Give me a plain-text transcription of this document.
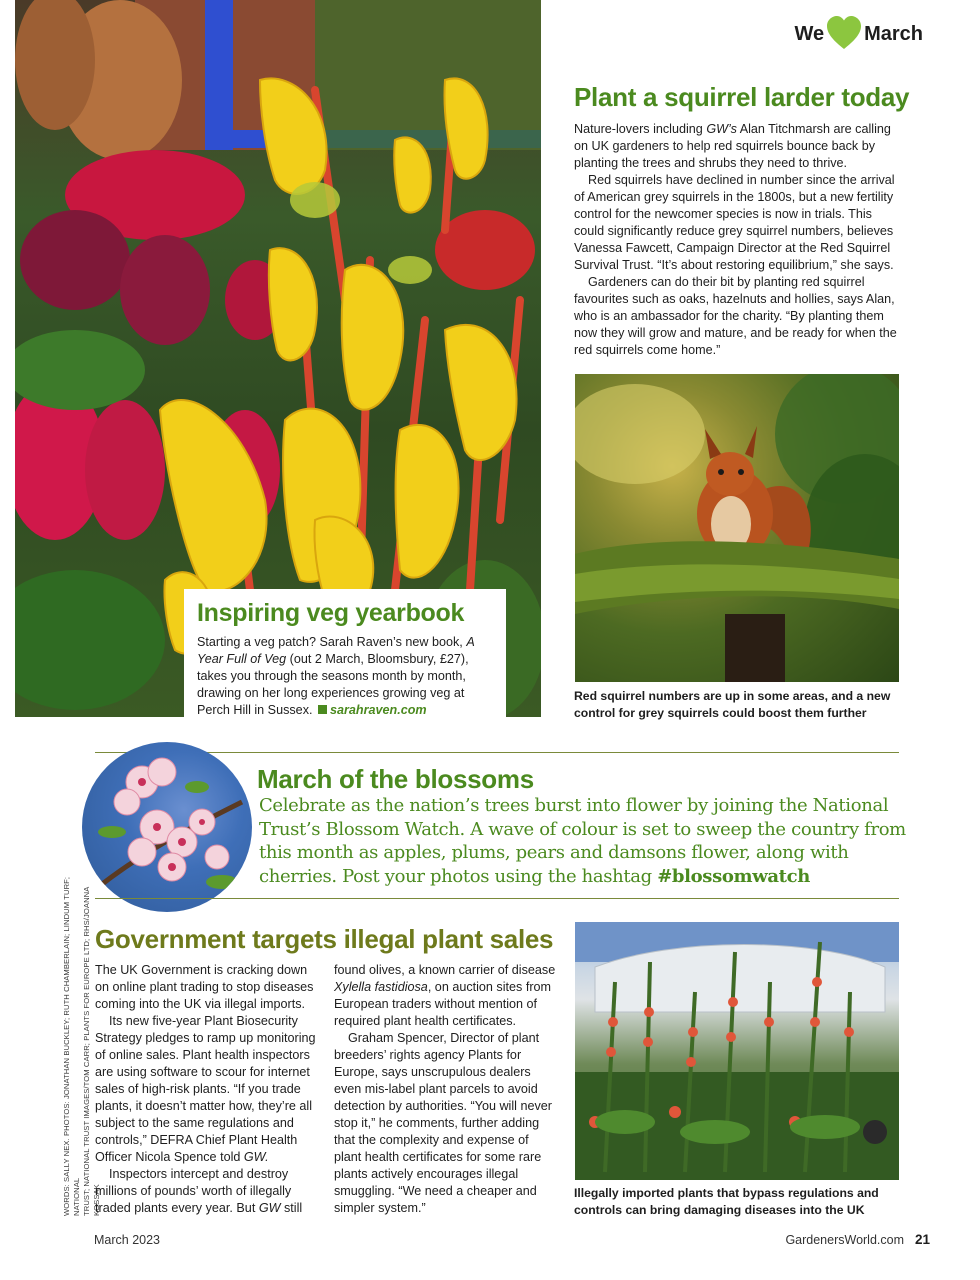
Inspiring veg yearbook
Starting a veg patch? Sarah Raven’s new book, A Year Full of Veg (out 2 March, Bloomsbury, £27), takes you through the seasons month by month, drawing on her long experiences growing veg at Perch Hill in Sussex. sarahraven.com
We March
Plant a squirrel larder today

Nature-lovers including GW’s Alan Titchmarsh are calling on UK gardeners to help red squirrels bounce back by planting the trees and shrubs they need to thrive.

Red squirrels have declined in number since the arrival of American grey squirrels in the 1800s, but a new fertility control for the newcomer species is now in trials. This could significantly reduce grey squirrel numbers, believes Vanessa Fawcett, Campaign Director at the Red Squirrel Survival Trust. “It’s about restoring equilibrium,” she says.

Gardeners can do their bit by planting red squirrel favourites such as oaks, hazelnuts and hollies, says Alan, who is an ambassador for the charity. “By planting them now they will grow and mature, and be ready for when the red squirrels come home.”

Red squirrel numbers are up in some areas, and a new control for grey squirrels could boost them further
March of the blossoms
Celebrate as the nation’s trees burst into flower by joining the National Trust’s Blossom Watch. A wave of colour is set to sweep the country from this month as apples, plums, pears and damsons flower, along with cherries. Post your photos using the hashtag #blossomwatch
WORDS: SALLY NEX. PHOTOS: JONATHAN BUCKLEY; RUTH CHAMBERLAIN; LINDUM TURF; NATIONAL TRUST; NATIONAL TRUST IMAGES/TOM CARR; PLANTS FOR EUROPE LTD; RHS/JOANNA KOSSAK
Government targets illegal plant sales

The UK Government is cracking down on online plant trading to stop diseases coming into the UK via illegal imports.

Its new five-year Plant Biosecurity Strategy pledges to ramp up monitoring of online sales. Plant health inspectors are using software to scour for internet sales of high-risk plants. “If you trade plants, it doesn’t matter how, they’re all subject to the same regulations and controls,” DEFRA Chief Plant Health Officer Nicola Spence told GW.

Inspectors intercept and destroy millions of pounds’ worth of illegally traded plants every year. But GW still

found olives, a known carrier of disease Xylella fastidiosa, on auction sites from European traders without mention of required plant health certificates.

Graham Spencer, Director of plant breeders’ rights agency Plants for Europe, says unscrupulous dealers even mis-label plant parcels to avoid detection by authorities. “You will never stop it,” he comments, further adding that the complexity and expense of plant health certificates for some rare plants actively encourages illegal smuggling. “We need a cheaper and simpler system.”

Illegally imported plants that bypass regulations and controls can bring damaging diseases into the UK
March 2023	GardenersWorld.com 21
